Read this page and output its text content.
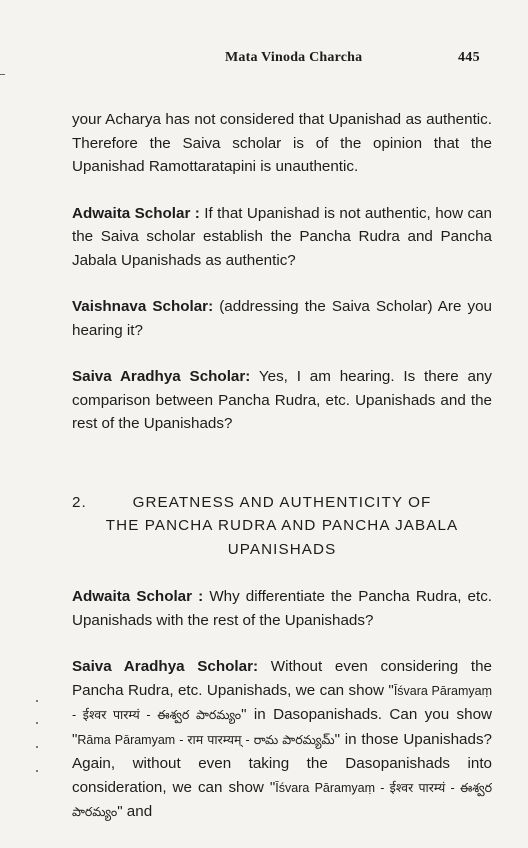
Mata Vinoda Charcha	445

your Acharya has not considered that Upanishad as authentic. Therefore the Saiva scholar is of the opinion that the Upanishad Ramottaratapini is unauthentic.

Adwaita Scholar : If that Upanishad is not authentic, how can the Saiva scholar establish the Pancha Rudra and Pancha Jabala Upanishads as authentic?

Vaishnava Scholar: (addressing the Saiva Scholar) Are you hearing it?

Saiva Aradhya Scholar: Yes, I am hearing. Is there any comparison between Pancha Rudra, etc. Upanishads and the rest of the Upanishads?

2.	GREATNESS AND AUTHENTICITY OF
THE PANCHA RUDRA AND PANCHA JABALA
UPANISHADS

Adwaita Scholar : Why differentiate the Pancha Rudra, etc. Upanishads with the rest of the Upanishads?

Saiva Aradhya Scholar: Without even considering the Pancha Rudra, etc. Upanishads, we can show "Īśvara Pāramyaṃ - ईश्वर पारम्यं - ఈశ్వర పారమ్యం" in Dasopanishads. Can you show "Rāma Pāramyam - राम पारम्यम् - రామ పారమ్యమ్" in those Upanishads? Again, without even taking the Dasopanishads into consideration, we can show "Īśvara Pāramyaṃ - ईश्वर पारम्यं - ఈశ్వర పారమ్యం" and
